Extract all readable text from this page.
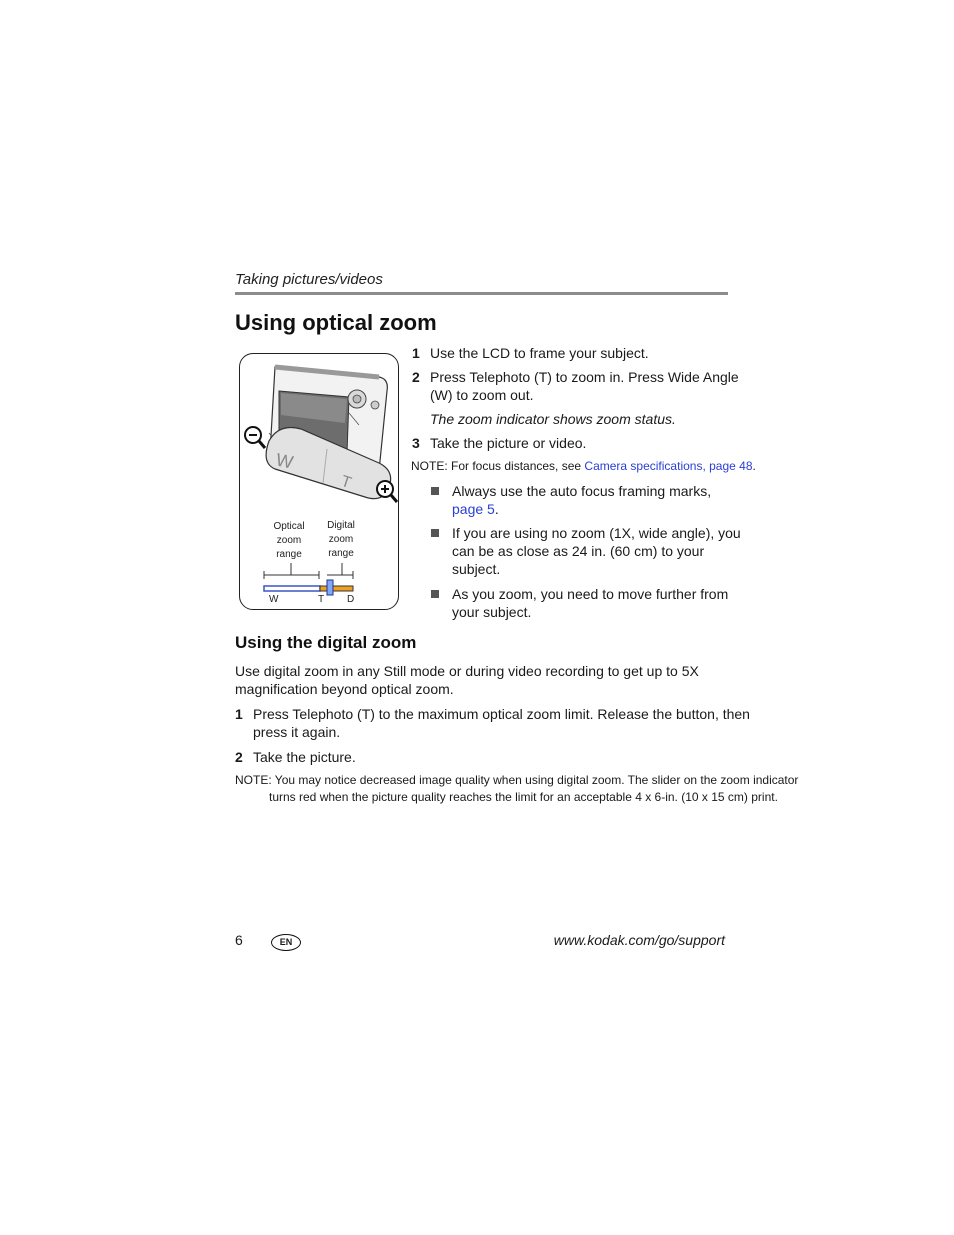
Taking pictures/videos
Using optical zoom
W
T
Optical
zoom
range
Digital
zoom
range
W	T D
1 Use the LCD to frame your subject.
2 Press Telephoto (T) to zoom in. Press Wide Angle
(W) to zoom out.
The zoom indicator shows zoom status.
3 Take the picture or video.
NOTE: For focus distances, see Camera specifications, page 48.
Always use the auto focus framing marks,
page 5.
If you are using no zoom (1X, wide angle), you
can be as close as 24 in. (60 cm) to your
subject.
As you zoom, you need to move further from
your subject.
Using the digital zoom
Use digital zoom in any Still mode or during video recording to get up to 5X
magnification beyond optical zoom.
1 Press Telephoto (T) to the maximum optical zoom limit. Release the button, then
press it again.
2 Take the picture.
NOTE: You may notice decreased image quality when using digital zoom. The slider on the zoom indicator
turns red when the picture quality reaches the limit for an acceptable 4 x 6-in. (10 x 15 cm) print.
6	EN	www.kodak.com/go/support
